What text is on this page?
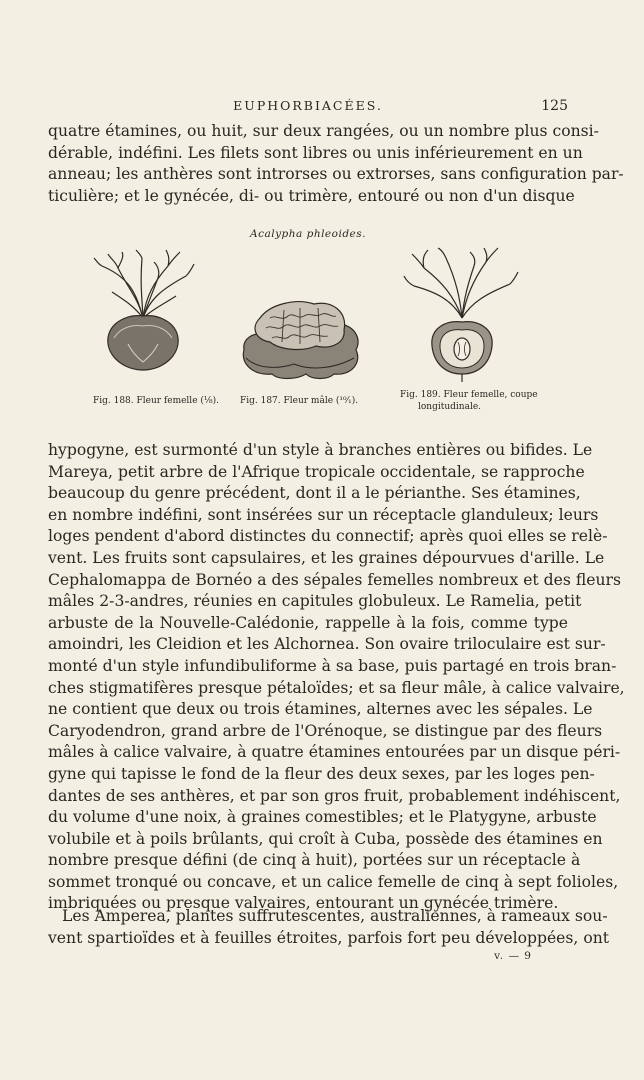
EUPHORBIACÉES.	125
quatre étamines, ou huit, sur deux rangées, ou un nombre plus consi-
dérable, indéfini. Les filets sont libres ou unis inférieurement en un
anneau; les anthères sont introrses ou extrorses, sans configuration par-
ticulière; et le gynécée, di- ou trimère, entouré ou non d'un disque
Acalypha phleoides.
Fig. 188. Fleur femelle (⅛). Fig. 187. Fleur mâle (¹⁰⁄₁).
Fig. 189. Fleur femelle, coupe
longitudinale.
hypogyne, est surmonté d'un style à branches entières ou bifides. Le
Mareya, petit arbre de l'Afrique tropicale occidentale, se rapproche
beaucoup du genre précédent, dont il a le périanthe. Ses étamines,
en nombre indéfini, sont insérées sur un réceptacle glanduleux; leurs
loges pendent d'abord distinctes du connectif; après quoi elles se relè-
vent. Les fruits sont capsulaires, et les graines dépourvues d'arille. Le
Cephalomappa de Bornéo a des sépales femelles nombreux et des fleurs
mâles 2-3-andres, réunies en capitules globuleux. Le Ramelia, petit
arbuste de la Nouvelle-Calédonie, rappelle à la fois, comme type
amoindri, les Cleidion et les Alchornea. Son ovaire triloculaire est sur-
monté d'un style infundibuliforme à sa base, puis partagé en trois bran-
ches stigmatifères presque pétaloïdes; et sa fleur mâle, à calice valvaire,
ne contient que deux ou trois étamines, alternes avec les sépales. Le
Caryodendron, grand arbre de l'Orénoque, se distingue par des fleurs
mâles à calice valvaire, à quatre étamines entourées par un disque péri-
gyne qui tapisse le fond de la fleur des deux sexes, par les loges pen-
dantes de ses anthères, et par son gros fruit, probablement indéhiscent,
du volume d'une noix, à graines comestibles; et le Platygyne, arbuste
volubile et à poils brûlants, qui croît à Cuba, possède des étamines en
nombre presque défini (de cinq à huit), portées sur un réceptacle à
sommet tronqué ou concave, et un calice femelle de cinq à sept folioles,
imbriquées ou presque valvaires, entourant un gynécée trimère.
Les Amperea, plantes suffrutescentes, australiennes, à rameaux sou-
vent spartioïdes et à feuilles étroites, parfois fort peu développées, ont
v. — 9
